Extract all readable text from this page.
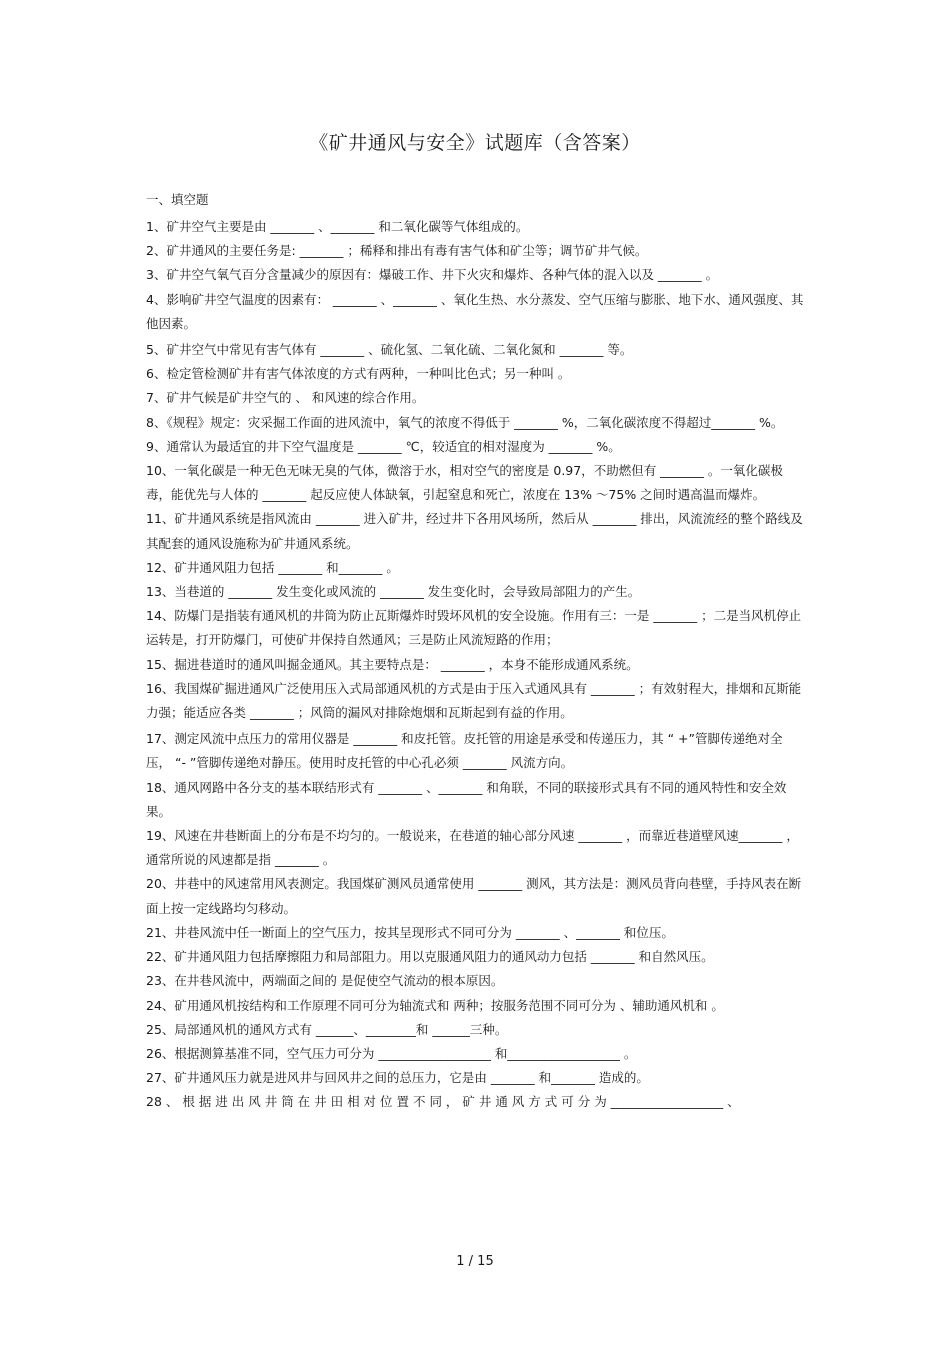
《矿井通风与安全》试题库（含答案）
一、填空题

1、矿井空气主要是由 _______ 、_______ 和二氧化碳等气体组成的。

2、矿井通风的主要任务是: _______ ；稀释和排出有毒有害气体和矿尘等；调节矿井气候。

3、矿井空气氧气百分含量减少的原因有：爆破工作、井下火灾和爆炸、各种气体的混入以及 _______ 。

4、影响矿井空气温度的因素有： _______ 、_______ 、氧化生热、水分蒸发、空气压缩与膨胀、地下水、通风强度、其他因素。

5、矿井空气中常见有害气体有 _______ 、硫化氢、二氧化硫、二氧化氮和 _______ 等。

6、检定管检测矿井有害气体浓度的方式有两种，一种叫比色式；另一种叫 。

7、矿井气候是矿井空气的 、 和风速的综合作用。

8、《规程》规定：灾采掘工作面的进风流中，氧气的浓度不得低于 _______ %，二氧化碳浓度不得超过_______ %。

9、通常认为最适宜的井下空气温度是 _______ ℃，较适宜的相对湿度为 _______ %。

10、一氧化碳是一种无色无味无臭的气体，微溶于水，相对空气的密度是 0.97，不助燃但有 _______ 。一氧化碳极毒，能优先与人体的 _______ 起反应使人体缺氧，引起窒息和死亡，浓度在 13% ～75% 之间时遇高温而爆炸。

11、矿井通风系统是指风流由 _______ 进入矿井，经过井下各用风场所，然后从 _______ 排出，风流流经的整个路线及其配套的通风设施称为矿井通风系统。

12、矿井通风阻力包括 _______ 和_______ 。

13、当巷道的 _______ 发生变化或风流的 _______ 发生变化时，会导致局部阻力的产生。

14、防爆门是指装有通风机的井筒为防止瓦斯爆炸时毁坏风机的安全设施。作用有三：一是 _______ ；二是当风机停止运转是，打开防爆门，可使矿井保持自然通风；三是防止风流短路的作用；

15、掘进巷道时的通风叫掘金通风。其主要特点是： _______ ，本身不能形成通风系统。

16、我国煤矿掘进通风广泛使用压入式局部通风机的方式是由于压入式通风具有 _______ ；有效射程大，排烟和瓦斯能力强；能适应各类 _______ ；风筒的漏风对排除炮烟和瓦斯起到有益的作用。

17、测定风流中点压力的常用仪器是 _______ 和皮托管。皮托管的用途是承受和传递压力，其 “ +”管脚传递绝对全压， “- ”管脚传递绝对静压。使用时皮托管的中心孔必须 _______ 风流方向。

18、通风网路中各分支的基本联结形式有 _______ 、_______ 和角联，不同的联接形式具有不同的通风特性和安全效果。

19、风速在井巷断面上的分布是不均匀的。一般说来，在巷道的轴心部分风速 _______ ，而靠近巷道壁风速_______ ，通常所说的风速都是指 _______ 。

20、井巷中的风速常用风表测定。我国煤矿测风员通常使用 _______ 测风，其方法是：测风员背向巷壁，手持风表在断面上按一定线路均匀移动。

21、井巷风流中任一断面上的空气压力，按其呈现形式不同可分为 _______ 、_______ 和位压。

22、矿井通风阻力包括摩擦阻力和局部阻力。用以克服通风阻力的通风动力包括 _______ 和自然风压。

23、在井巷风流中，两端面之间的 是促使空气流动的根本原因。

24、矿用通风机按结构和工作原理不同可分为轴流式和 两种；按服务范围不同可分为 、辅助通风机和 。

25、局部通风机的通风方式有 ______、________和 ______三种。

26、根据测算基准不同，空气压力可分为 __________________ 和__________________ 。

27、矿井通风压力就是进风井与回风井之间的总压力，它是由 _______ 和_______ 造成的。

28 、 根 据 进 出 风 井 筒 在 井 田 相 对 位 置 不 同 ， 矿 井 通 风 方 式 可 分 为 __________________ 、

1 / 15
